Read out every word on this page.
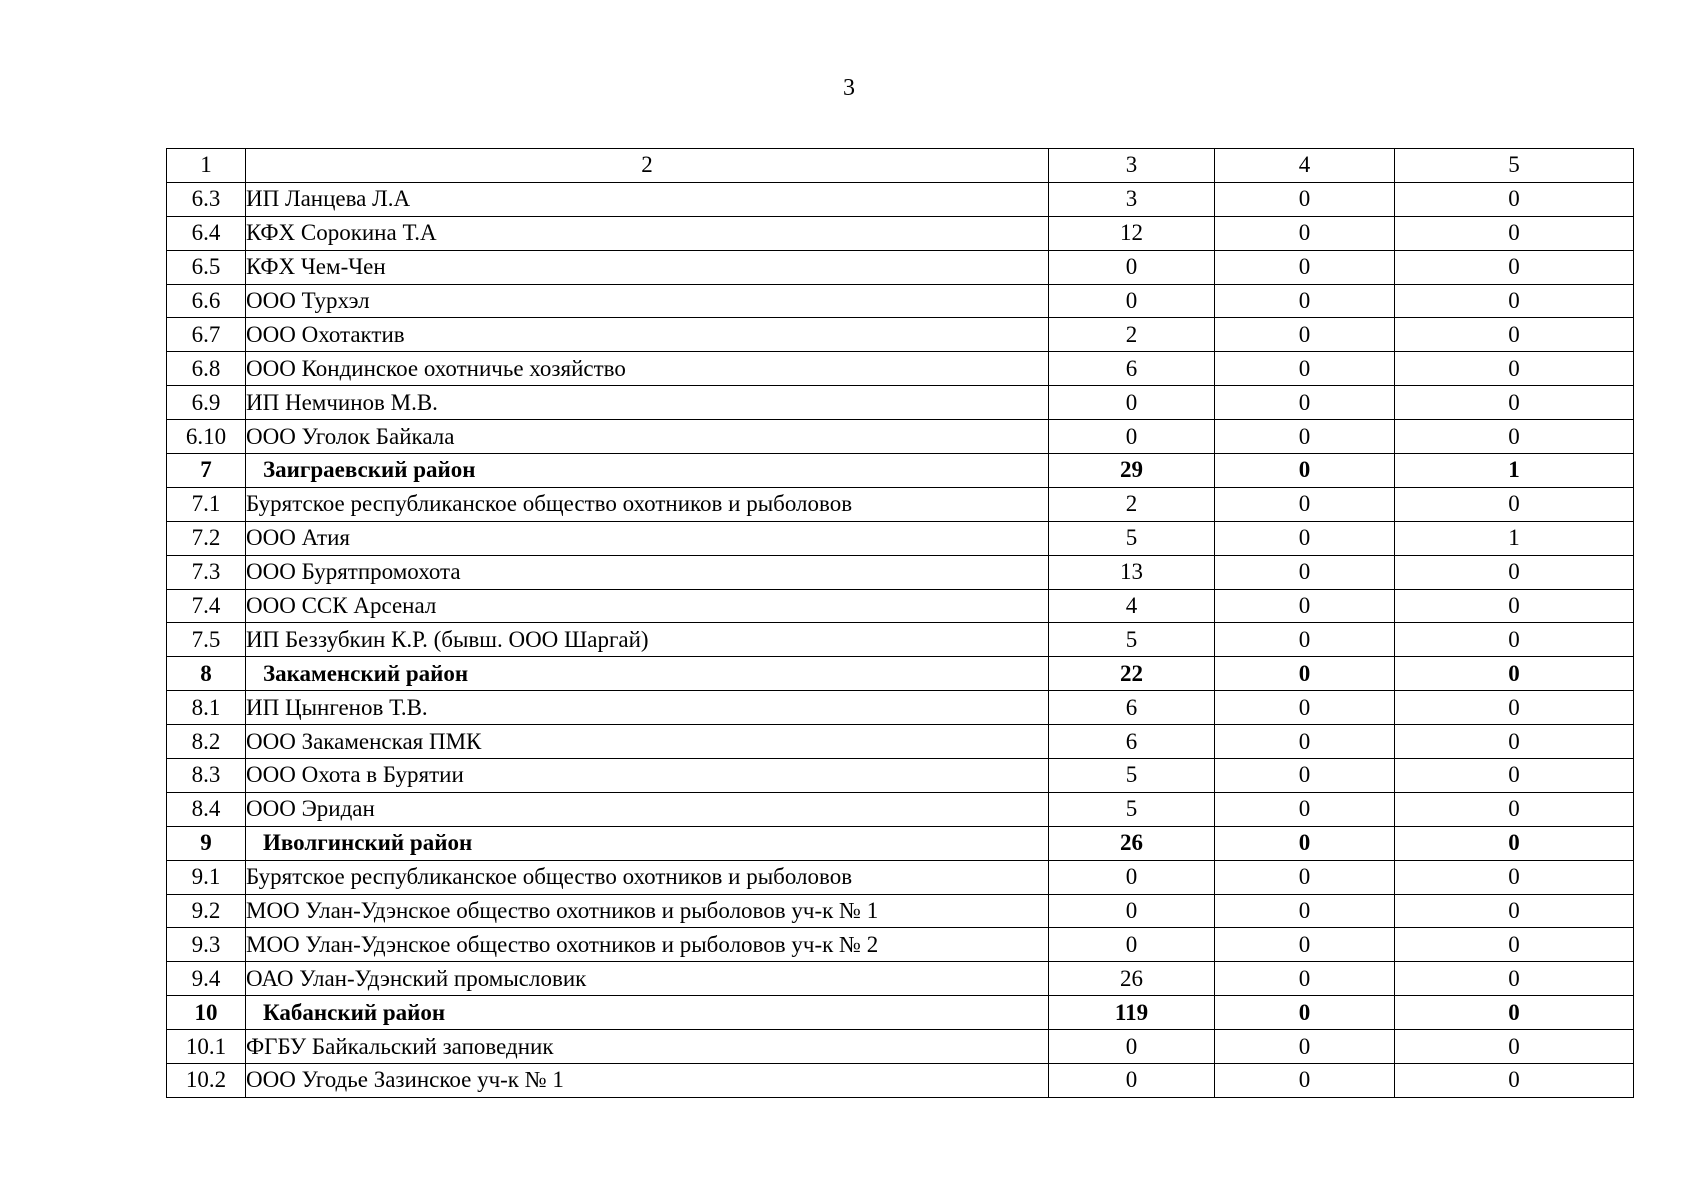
3
1	2	3	4	5
6.3	ИП Ланцева Л.А	3	0	0
6.4	КФХ Сорокина Т.А	12	0	0
6.5	КФХ Чем-Чен	0	0	0
6.6	ООО Турхэл	0	0	0
6.7	ООО Охотактив	2	0	0
6.8	ООО Кондинское охотничье хозяйство	6	0	0
6.9	ИП Немчинов М.В.	0	0	0
6.10	ООО Уголок Байкала	0	0	0
7	Заиграевский район	29	0	1
7.1	Бурятское республиканское общество охотников и рыболовов	2	0	0
7.2	ООО Атия	5	0	1
7.3	ООО Бурятпромохота	13	0	0
7.4	ООО ССК Арсенал	4	0	0
7.5	ИП Беззубкин К.Р. (бывш. ООО Шаргай)	5	0	0
8	Закаменский район	22	0	0
8.1	ИП Цынгенов Т.В.	6	0	0
8.2	ООО Закаменская ПМК	6	0	0
8.3	ООО Охота в Бурятии	5	0	0
8.4	ООО Эридан	5	0	0
9	Иволгинский район	26	0	0
9.1	Бурятское республиканское общество охотников и рыболовов	0	0	0
9.2	МОО Улан-Удэнское общество охотников и рыболовов уч-к № 1	0	0	0
9.3	МОО Улан-Удэнское общество охотников и рыболовов уч-к № 2	0	0	0
9.4	ОАО Улан-Удэнский промысловик	26	0	0
10	Кабанский район	119	0	0
10.1	ФГБУ Байкальский заповедник	0	0	0
10.2	ООО Угодье Зазинское уч-к № 1	0	0	0
